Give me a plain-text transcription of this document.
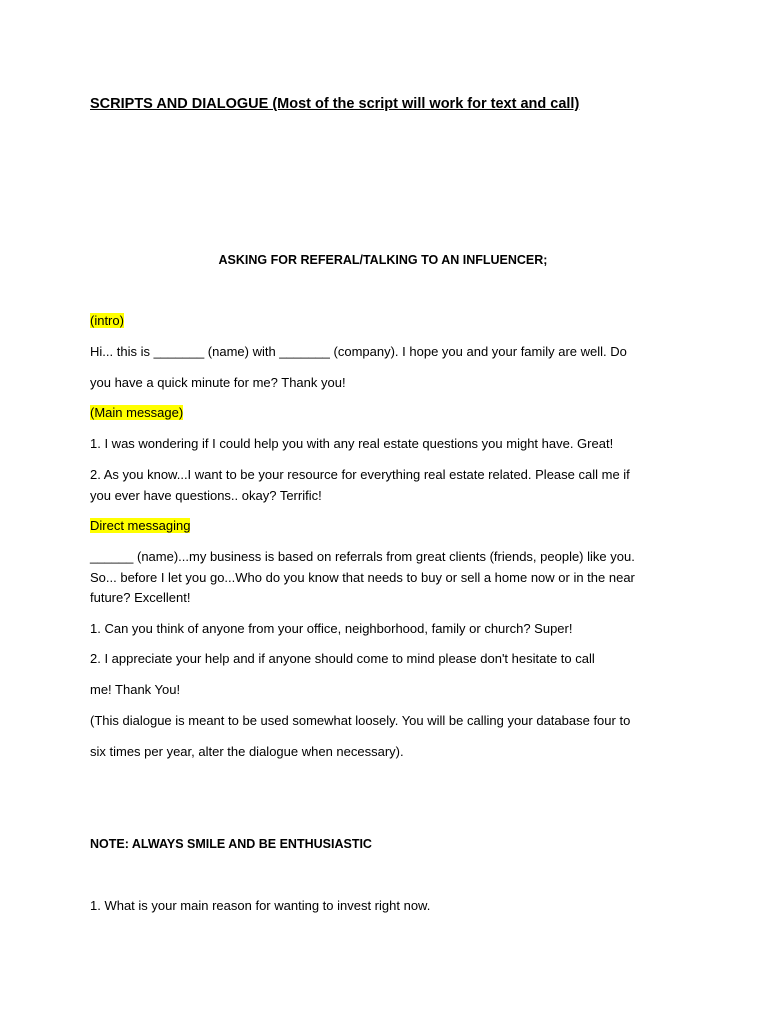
SCRIPTS AND DIALOGUE (Most of the script will work for text and call)

ASKING FOR REFERAL/TALKING TO AN INFLUENCER;

(intro)

Hi... this is _______ (name) with _______ (company). I hope you and your family are well. Do

you have a quick minute for me? Thank you!

(Main message)

1. I was wondering if I could help you with any real estate questions you might have. Great!

2. As you know...I want to be your resource for everything real estate related. Please call me if

you ever have questions.. okay? Terrific!

Direct messaging

______ (name)...my business is based on referrals from great clients (friends, people) like you.

So... before I let you go...Who do you know that needs to buy or sell a home now or in the near

future? Excellent!

1. Can you think of anyone from your office, neighborhood, family or church? Super!

2. I appreciate your help and if anyone should come to mind please don't hesitate to call

me! Thank You!

(This dialogue is meant to be used somewhat loosely. You will be calling your database four to

six times per year, alter the dialogue when necessary).

NOTE: ALWAYS SMILE AND BE ENTHUSIASTIC

1. What is your main reason for wanting to invest right now.
